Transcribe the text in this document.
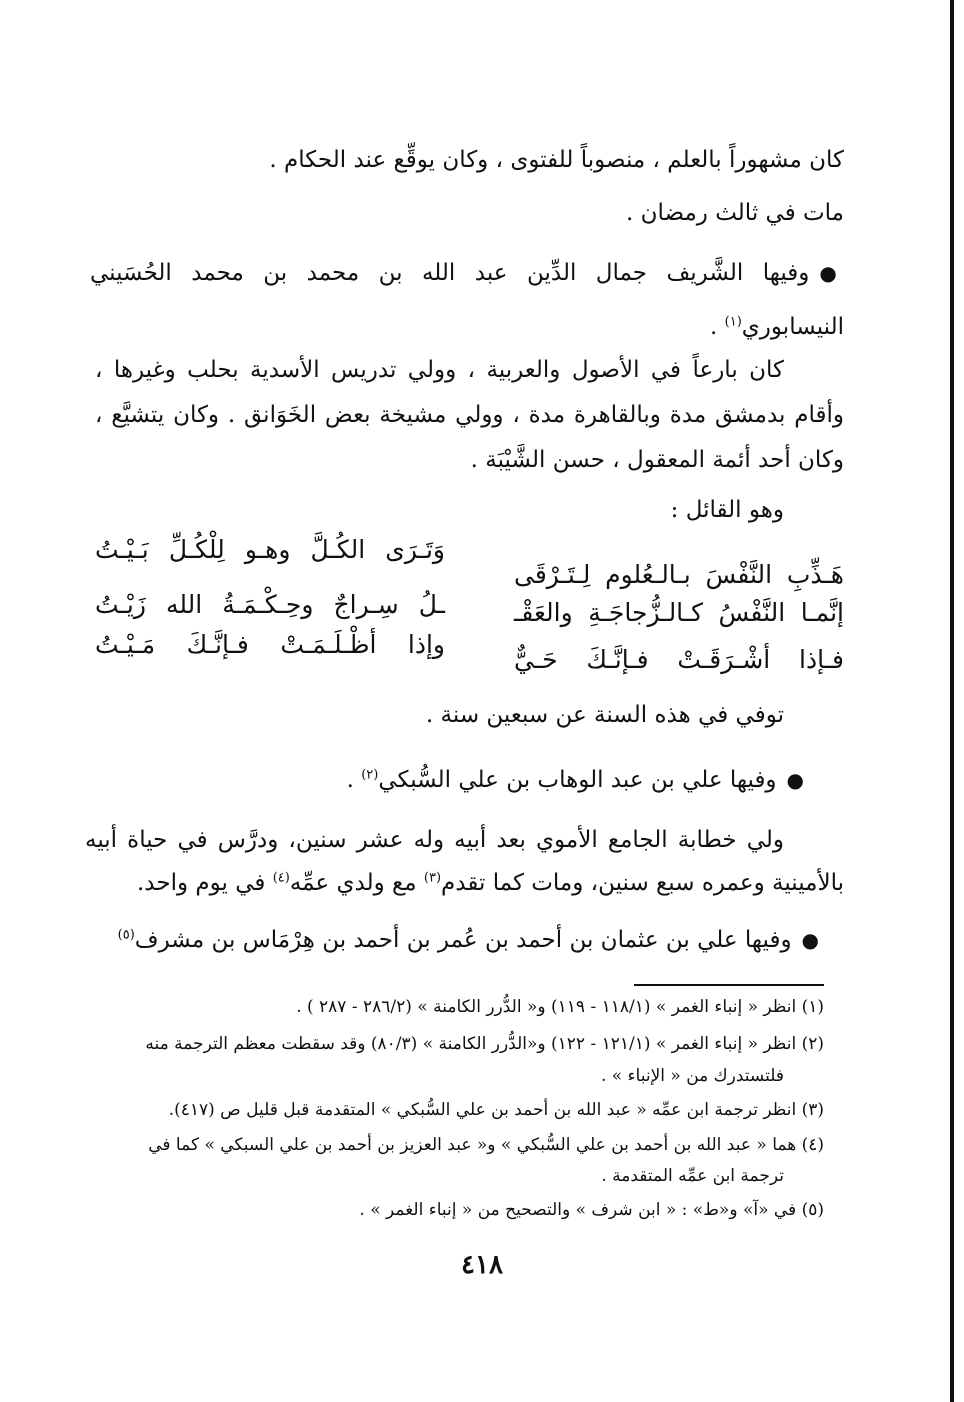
كان مشهوراً بالعلم ، منصوباً للفتوى ، وكان يوقِّع عند الحكام .
مات في ثالث رمضان .
●وفيها الشَّريف جمال الدِّين عبد الله بن محمد بن محمد الحُسَيني
النيسابوري$^{(١)}$ .
كان بارعاً في الأصول والعربية ، وولي تدريس الأسدية بحلب وغيرها ،
وأقام بدمشق مدة وبالقاهرة مدة ، وولي مشيخة بعض الخَوَانق . وكان يتشيَّع ،
وكان أحد أئمة المعقول ، حسن الشَّيْبَة .
وهو القائل :
هَـذِّبِ النَّفْسَ بـالـعُلوم لِـتَـرْقَى
وَتَـرَى الكُـلَّ وهـو لِلْكُـلِّ بَـيْـتُ
إنَّمـا النَّفْسُ كـالـزُّجاجَـةِ والعَقْـ
ـلُ سِـراجٌ وحِـكْـمَـةُ الله زَيْـتُ
فـإذا أشْـرَقَـتْ فـإنَّـكَ حَـيٌّ
وإذا أظْـلَـمَـتْ فـإنَّـكَ مَـيْـتُ
توفي في هذه السنة عن سبعين سنة .
●وفيها علي بن عبد الوهاب بن علي السُّبكي$^{(٢)}$ .
ولي خطابة الجامع الأموي بعد أبيه وله عشر سنين، ودرَّس في حياة أبيه
بالأمينية وعمره سبع سنين، ومات كما تقدم$^{(٣)}$ مع ولدي عمِّه$^{(٤)}$ في يوم واحد.
●وفيها علي بن عثمان بن أحمد بن عُمر بن أحمد بن هِرْمَاس بن مشرف$^{(٥)}$
(١) انظر « إنباء الغمر » (١١٨/١ - ١١٩) و« الدُّرر الكامنة » (٢٨٦/٢ - ٢٨٧ ) .
(٢) انظر « إنباء الغمر » (١٢١/١ - ١٢٢) و«الدُّرر الكامنة » (٨٠/٣) وقد سقطت معظم الترجمة منه
فلتستدرك من « الإنباء » .
(٣) انظر ترجمة ابن عمِّه « عبد الله بن أحمد بن علي السُّبكي » المتقدمة قبل قليل ص (٤١٧).
(٤) هما « عبد الله بن أحمد بن علي السُّبكي » و« عبد العزيز بن أحمد بن علي السبكي » كما في
ترجمة ابن عمِّه المتقدمة .
(٥) في «آ» و«ط» : « ابن شرف » والتصحيح من « إنباء الغمر » .
٤١٨
